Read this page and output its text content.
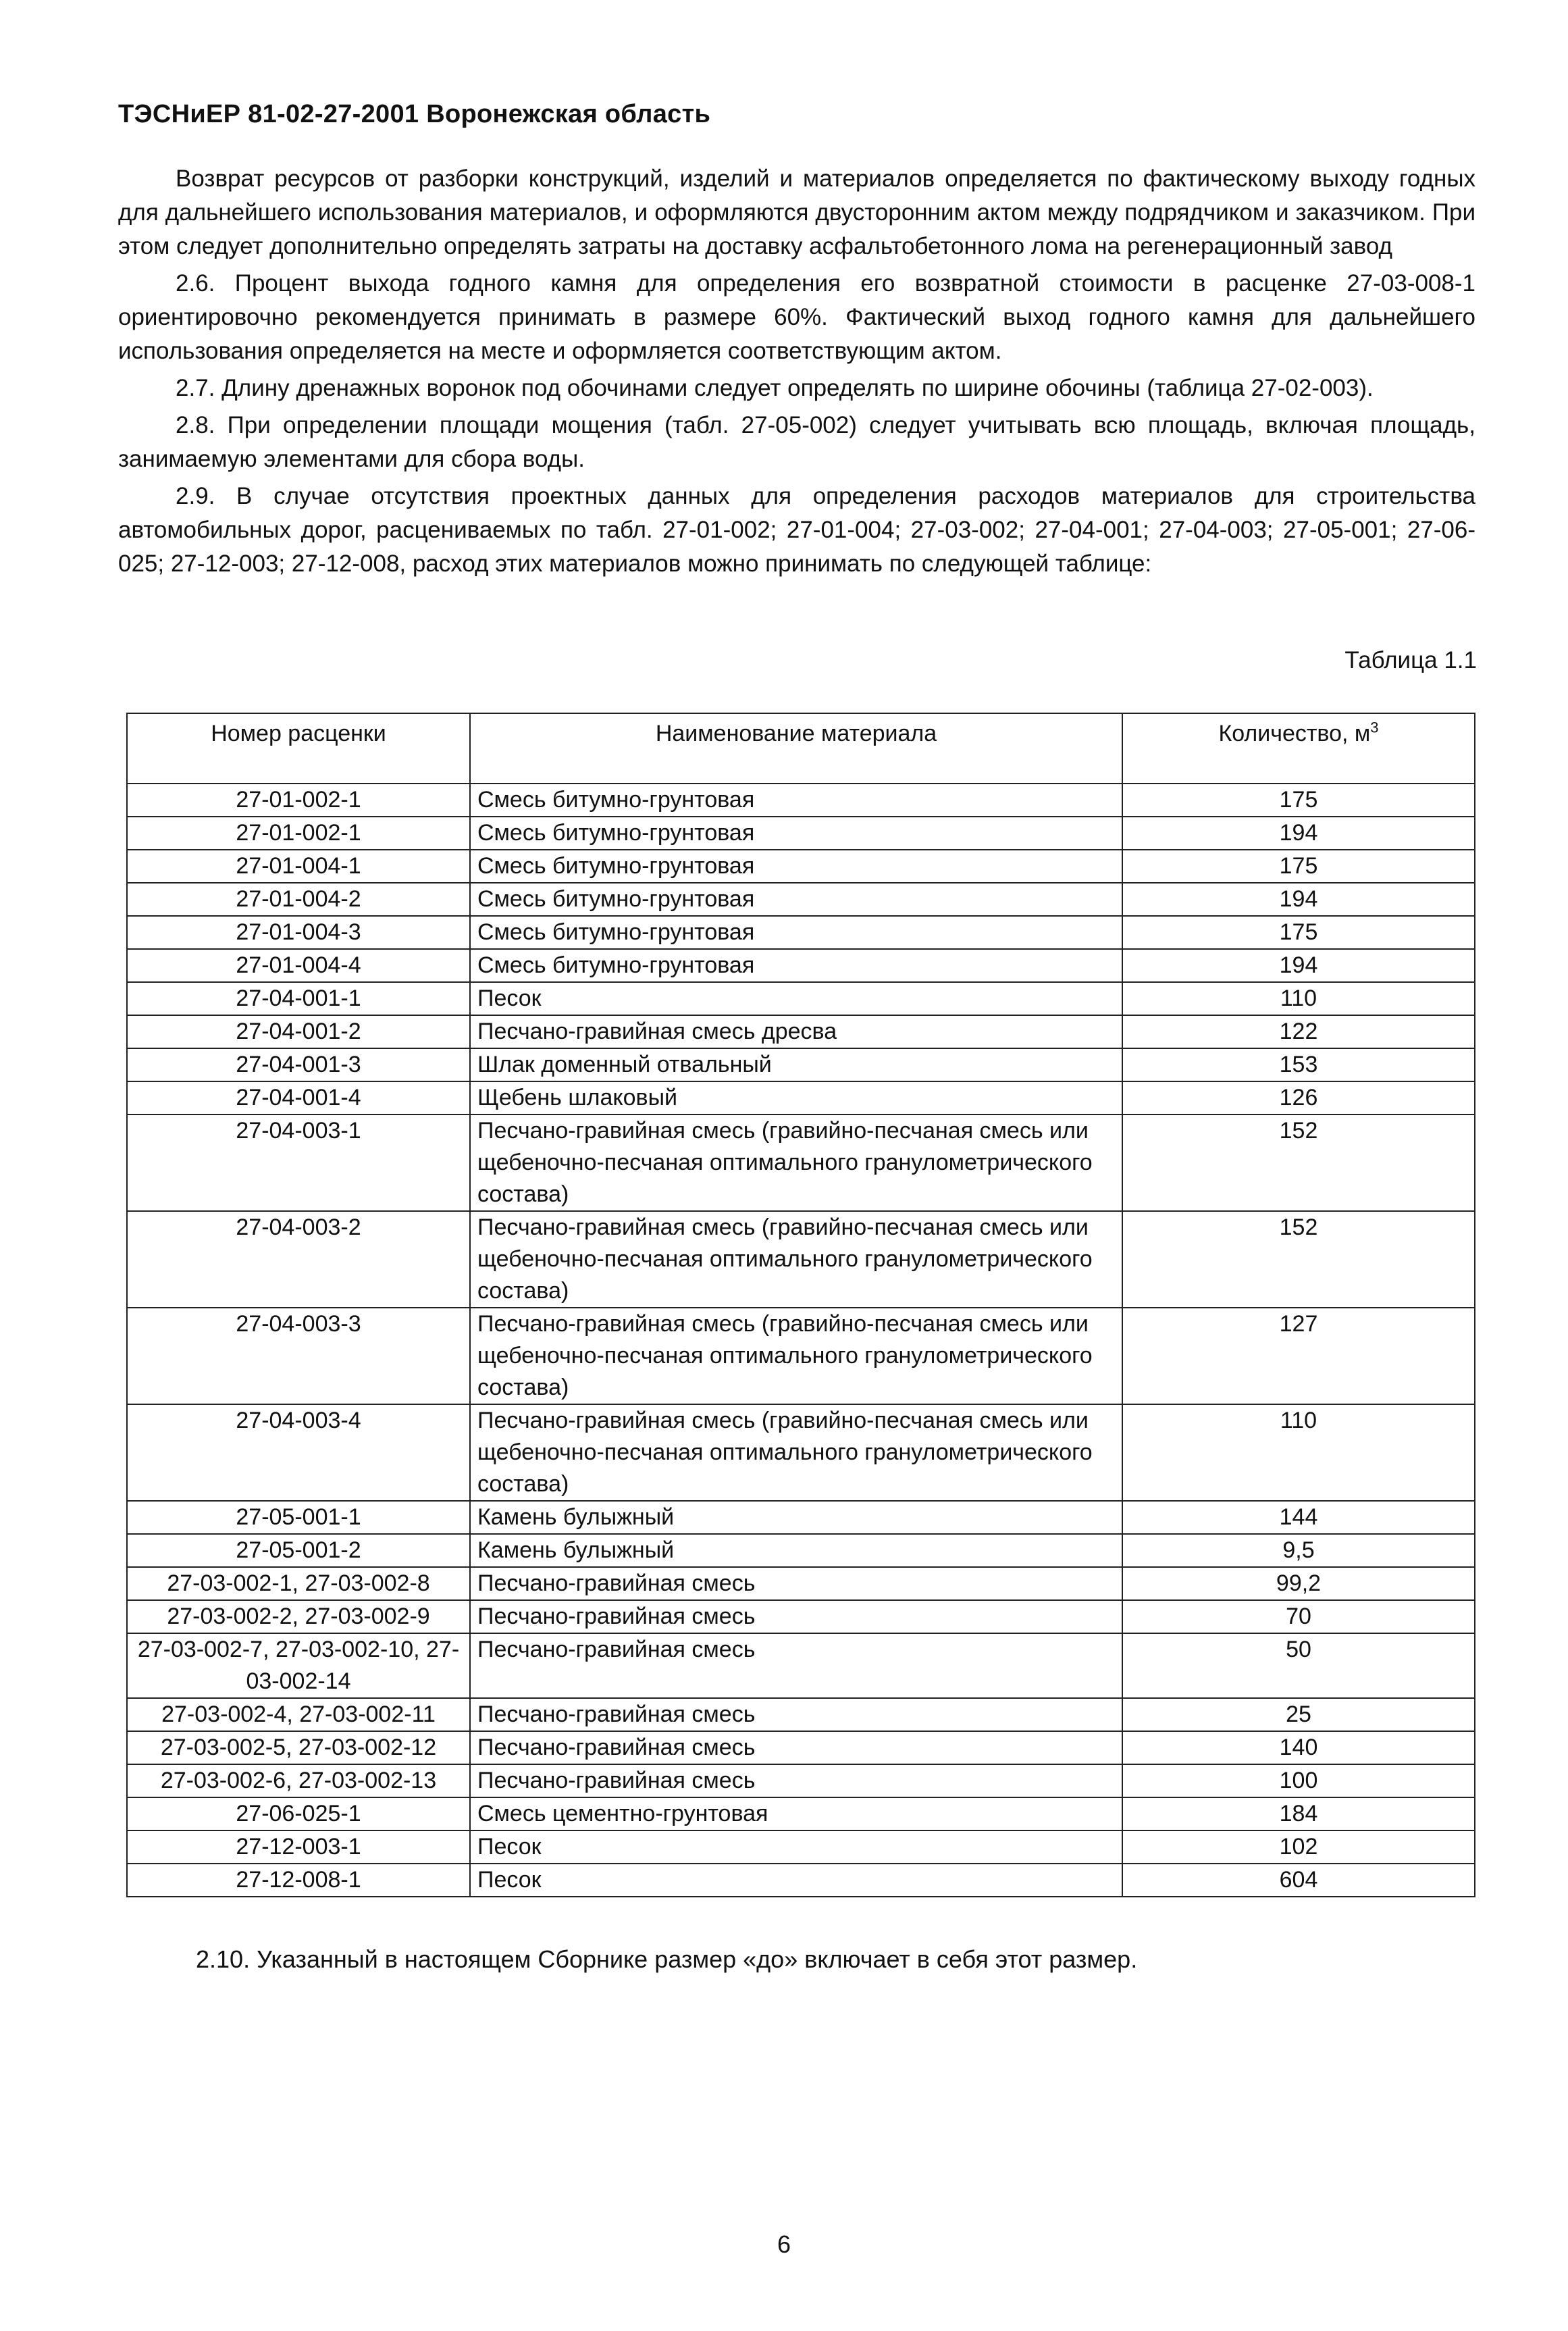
ТЭСНиЕР 81-02-27-2001 Воронежская область

Возврат ресурсов от разборки конструкций, изделий и материалов определяется по фактическому выходу годных для дальнейшего использования материалов, и оформляются двусторонним актом между подрядчиком и заказчиком. При этом следует дополнительно определять затраты на доставку асфальтобетонного лома на регенерационный завод

2.6. Процент выхода годного камня для определения его возвратной стоимости в расценке 27-03-008-1 ориентировочно рекомендуется принимать в размере 60%. Фактический выход годного камня для дальнейшего использования определяется на месте и оформляется соответствующим актом.

2.7. Длину дренажных воронок под обочинами следует определять по ширине обочины (таблица 27-02-003).

2.8. При определении площади мощения (табл. 27-05-002) следует учитывать всю площадь, включая площадь, занимаемую элементами для сбора воды.

2.9. В случае отсутствия проектных данных для определения расходов материалов для строительства автомобильных дорог, расцениваемых по табл. 27-01-002; 27-01-004; 27-03-002; 27-04-001; 27-04-003; 27-05-001; 27-06-025; 27-12-003; 27-12-008, расход этих материалов можно принимать по следующей таблице:

Таблица 1.1
Номер расценки	Наименование материала	Количество, $м^3$
27-01-002-1	Смесь битумно-грунтовая	175
27-01-002-1	Смесь битумно-грунтовая	194
27-01-004-1	Смесь битумно-грунтовая	175
27-01-004-2	Смесь битумно-грунтовая	194
27-01-004-3	Смесь битумно-грунтовая	175
27-01-004-4	Смесь битумно-грунтовая	194
27-04-001-1	Песок	110
27-04-001-2	Песчано-гравийная смесь дресва	122
27-04-001-3	Шлак доменный отвальный	153
27-04-001-4	Щебень шлаковый	126
27-04-003-1	Песчано-гравийная смесь (гравийно-песчаная смесь или щебеночно-песчаная оптимального гранулометрического состава)	152
27-04-003-2	Песчано-гравийная смесь (гравийно-песчаная смесь или щебеночно-песчаная оптимального гранулометрического состава)	152
27-04-003-3	Песчано-гравийная смесь (гравийно-песчаная смесь или щебеночно-песчаная оптимального гранулометрического состава)	127
27-04-003-4	Песчано-гравийная смесь (гравийно-песчаная смесь или щебеночно-песчаная оптимального гранулометрического состава)	110
27-05-001-1	Камень булыжный	144
27-05-001-2	Камень булыжный	9,5
27-03-002-1, 27-03-002-8	Песчано-гравийная смесь	99,2
27-03-002-2, 27-03-002-9	Песчано-гравийная смесь	70
27-03-002-7, 27-03-002-10, 27-03-002-14	Песчано-гравийная смесь	50
27-03-002-4, 27-03-002-11	Песчано-гравийная смесь	25
27-03-002-5, 27-03-002-12	Песчано-гравийная смесь	140
27-03-002-6, 27-03-002-13	Песчано-гравийная смесь	100
27-06-025-1	Смесь цементно-грунтовая	184
27-12-003-1	Песок	102
27-12-008-1	Песок	604
2.10. Указанный в настоящем Сборнике размер «до» включает в себя этот размер.
6
